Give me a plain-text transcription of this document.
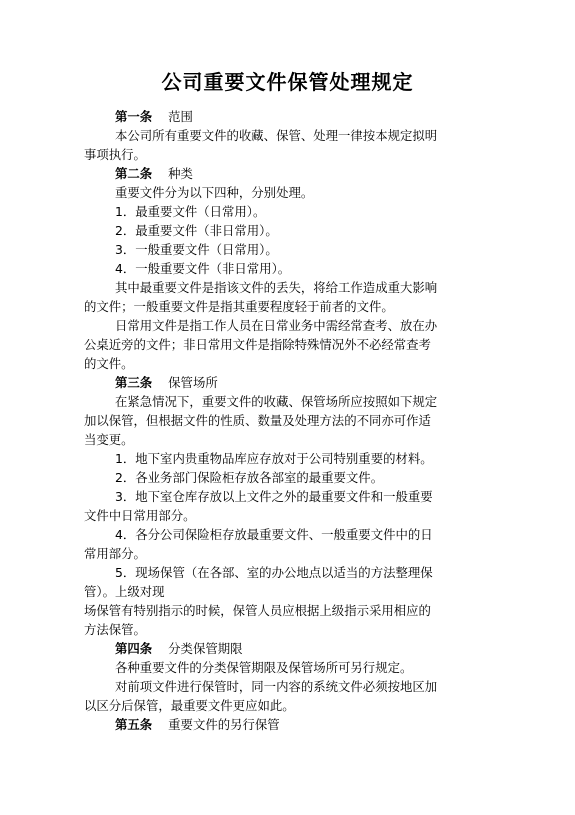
公司重要文件保管处理规定
第一条 范围
本公司所有重要文件的收藏、保管、处理一律按本规定拟明
事项执行。
第二条 种类
重要文件分为以下四种，分别处理。
1．最重要文件（日常用）。
2．最重要文件（非日常用）。
3．一般重要文件（日常用）。
4．一般重要文件（非日常用）。
其中最重要文件是指该文件的丢失，将给工作造成重大影响
的文件；一般重要文件是指其重要程度轻于前者的文件。
日常用文件是指工作人员在日常业务中需经常查考、放在办
公桌近旁的文件；非日常用文件是指除特殊情况外不必经常查考
的文件。
第三条 保管场所
在紧急情况下，重要文件的收藏、保管场所应按照如下规定
加以保管，但根据文件的性质、数量及处理方法的不同亦可作适
当变更。
1．地下室内贵重物品库应存放对于公司特别重要的材料。
2．各业务部门保险柜存放各部室的最重要文件。
3．地下室仓库存放以上文件之外的最重要文件和一般重要
文件中日常用部分。
4．各分公司保险柜存放最重要文件、一般重要文件中的日
常用部分。
5．现场保管（在各部、室的办公地点以适当的方法整理保
管）。上级对现
场保管有特别指示的时候，保管人员应根据上级指示采用相应的
方法保管。
第四条 分类保管期限
各种重要文件的分类保管期限及保管场所可另行规定。
对前项文件进行保管时，同一内容的系统文件必须按地区加
以区分后保管，最重要文件更应如此。
第五条 重要文件的另行保管
